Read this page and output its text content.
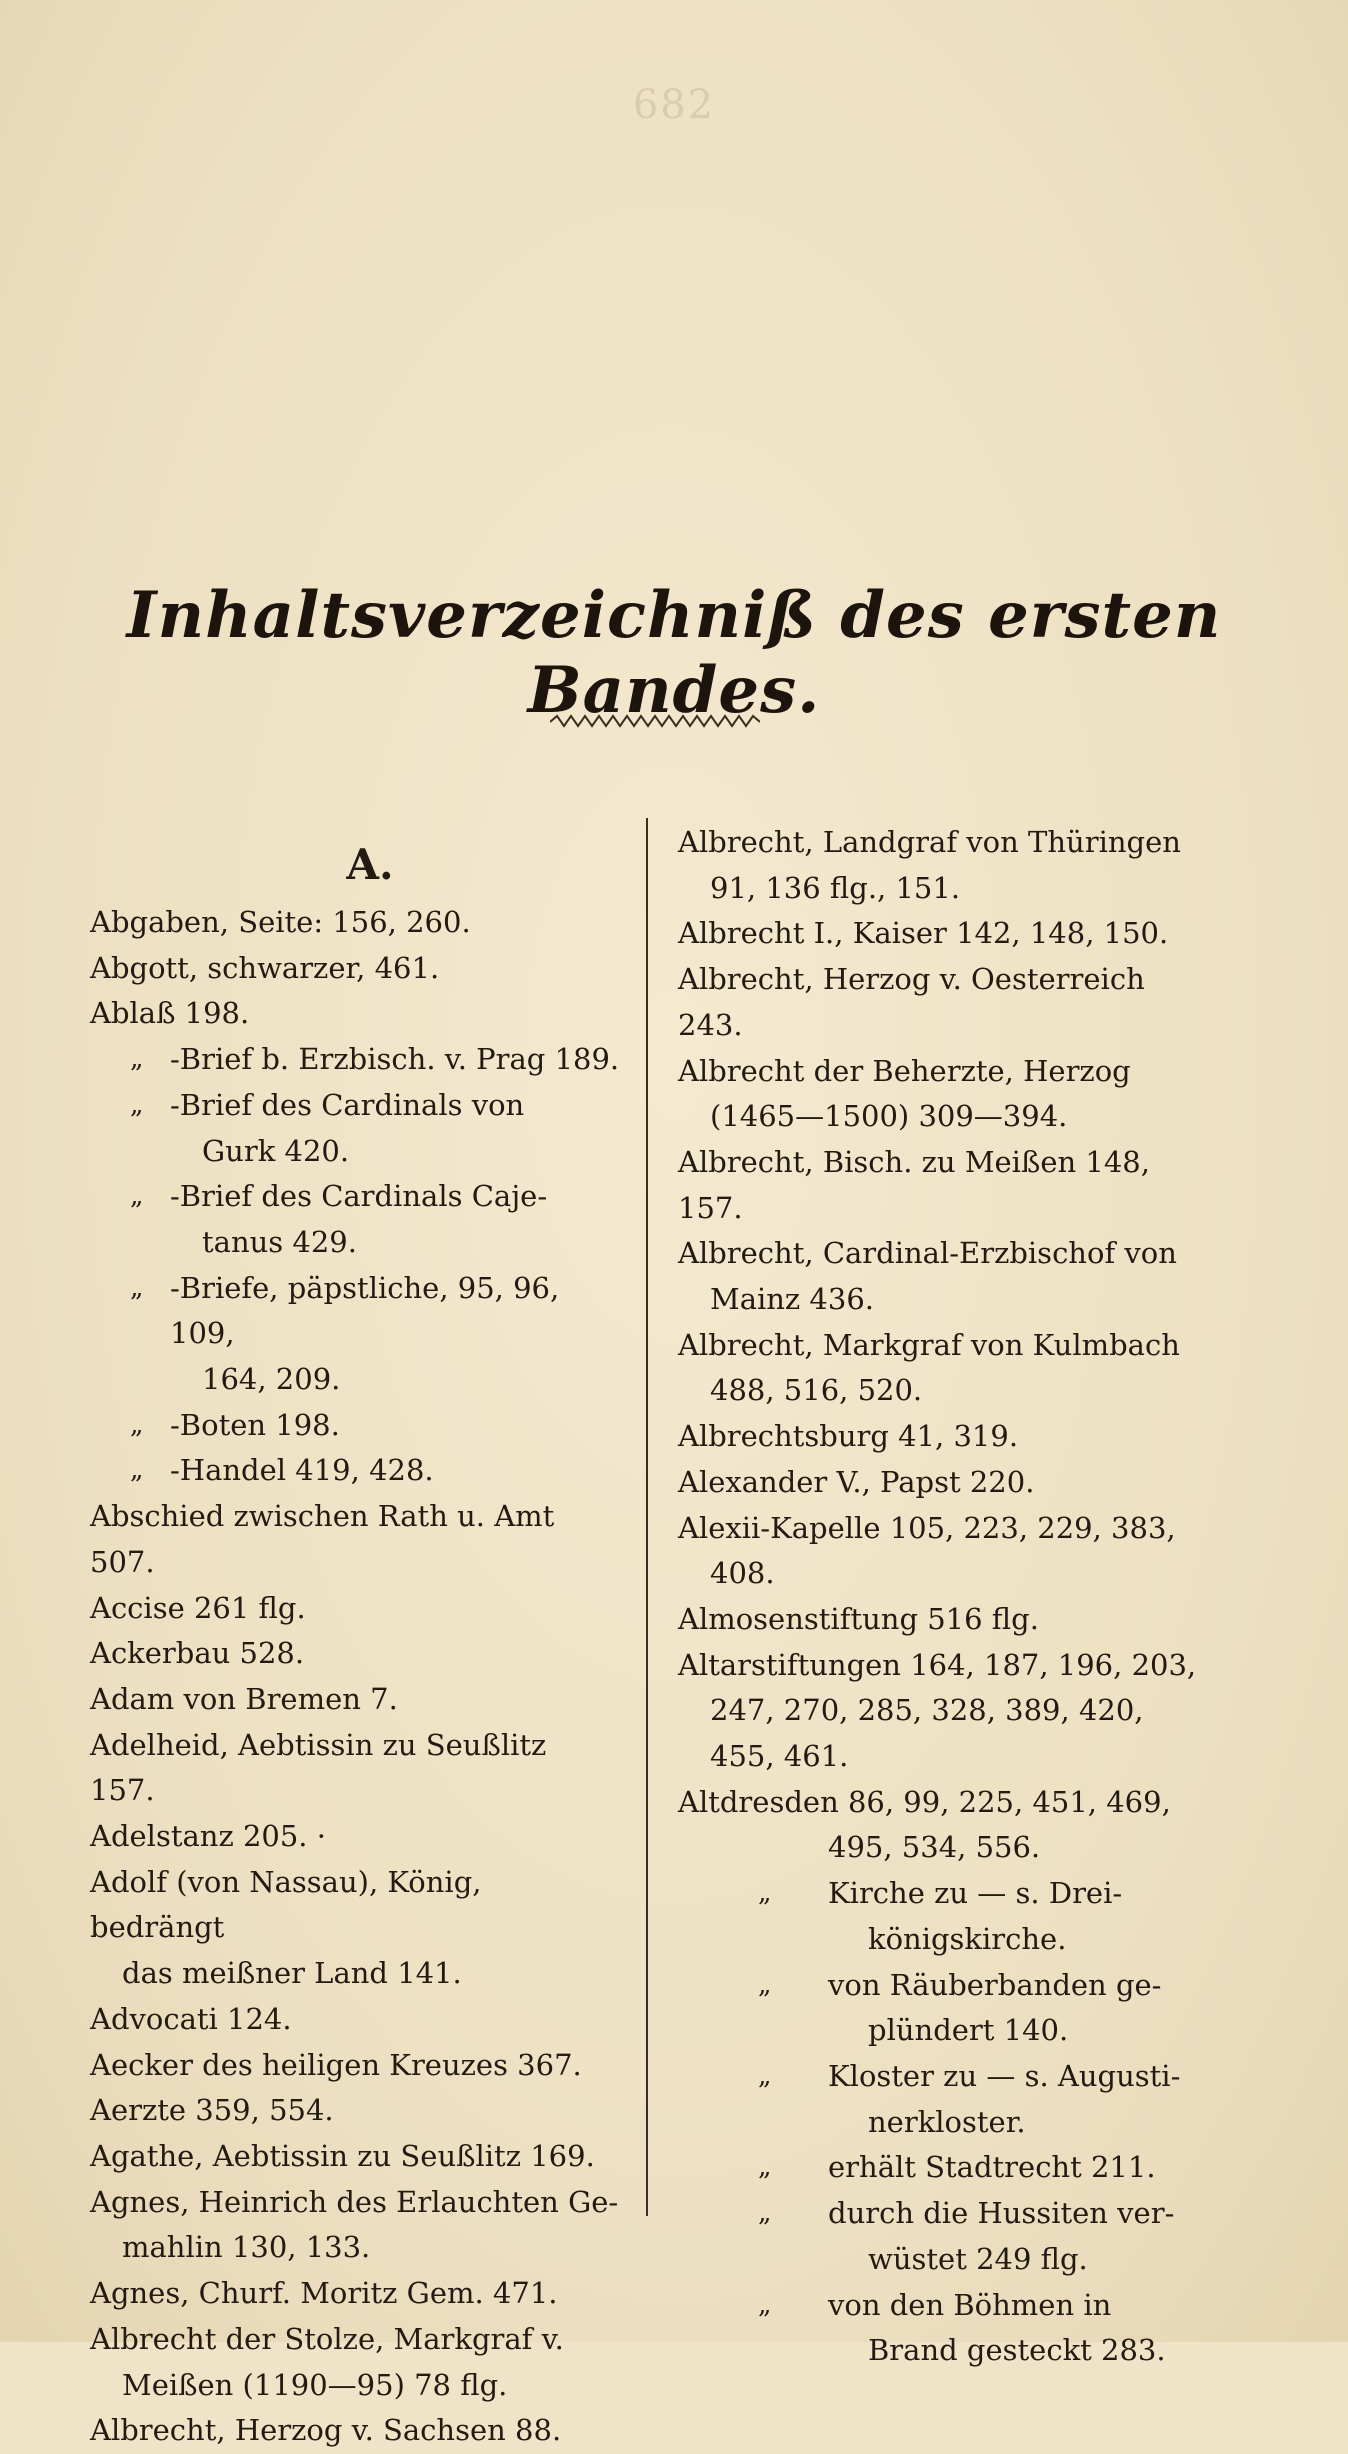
682
Inhaltsverzeichniß des ersten Bandes.
A.
Abgaben, Seite: 156, 260.
Abgott, schwarzer, 461.
Ablaß 198.
„ -Brief b. Erzbisch. v. Prag 189.
„ -Brief des Cardinals von
Gurk 420.
„ -Brief des Cardinals Caje-
tanus 429.
„ -Briefe, päpstliche, 95, 96, 109,
164, 209.
„ -Boten 198.
„ -Handel 419, 428.
Abschied zwischen Rath u. Amt 507.
Accise 261 flg.
Ackerbau 528.
Adam von Bremen 7.
Adelheid, Aebtissin zu Seußlitz 157.
Adelstanz 205. ·
Adolf (von Nassau), König, bedrängt
das meißner Land 141.
Advocati 124.
Aecker des heiligen Kreuzes 367.
Aerzte 359, 554.
Agathe, Aebtissin zu Seußlitz 169.
Agnes, Heinrich des Erlauchten Ge-
mahlin 130, 133.
Agnes, Churf. Moritz Gem. 471.
Albrecht der Stolze, Markgraf v.
Meißen (1190—95) 78 flg.
Albrecht, Herzog v. Sachsen 88.
Albrecht, Landgraf von Thüringen
91, 136 flg., 151.
Albrecht I., Kaiser 142, 148, 150.
Albrecht, Herzog v. Oesterreich 243.
Albrecht der Beherzte, Herzog
(1465—1500) 309—394.
Albrecht, Bisch. zu Meißen 148, 157.
Albrecht, Cardinal-Erzbischof von
Mainz 436.
Albrecht, Markgraf von Kulmbach
488, 516, 520.
Albrechtsburg 41, 319.
Alexander V., Papst 220.
Alexii-Kapelle 105, 223, 229, 383,
408.
Almosenstiftung 516 flg.
Altarstiftungen 164, 187, 196, 203,
247, 270, 285, 328, 389, 420,
455, 461.
Altdresden 86, 99, 225, 451, 469,
495, 534, 556.
„ Kirche zu — s. Drei-
königskirche.
„ von Räuberbanden ge-
plündert 140.
„ Kloster zu — s. Augusti-
nerkloster.
„ erhält Stadtrecht 211.
„ durch die Hussiten ver-
wüstet 249 flg.
„ von den Böhmen in
Brand gesteckt 283.
